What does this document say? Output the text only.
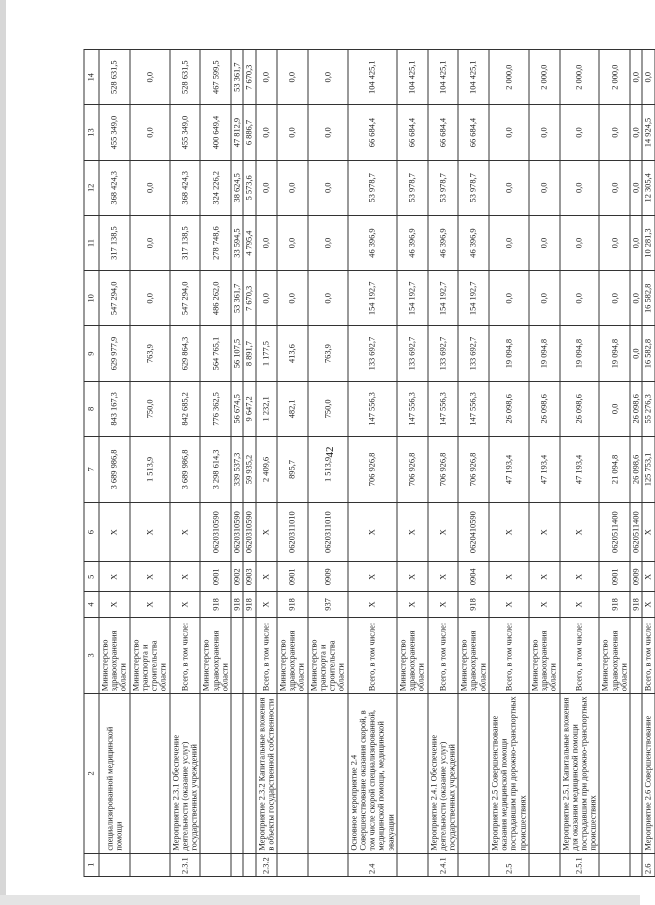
42
1	2	3	4	5	6	7	8	9	10	11	12	13	14
	специализированной медицинской помощи	Министерство здравоохранения области	Х	Х	Х	3 689 986,8	843 167,3	629 977,9	547 294,0	317 138,5	368 424,3	455 349,0	528 631,5
		Министерство транспорта и строительства области	Х	Х	Х	1 513,9	750,0	763,9	0,0	0,0	0,0	0,0	0,0
2.3.1	Мероприятие 2.3.1 Обеспечение деятельности (оказание услуг) государственных учреждений	Всего, в том числе:	Х	Х	Х	3 689 986,8	842 685,2	629 864,3	547 294,0	317 138,5	368 424,3	455 349,0	528 631,5
		Министерство здравоохранения области	918	0901	0620310590	3 298 614,3	776 362,5	564 765,1	486 262,0	278 748,6	324 226,2	400 649,4	467 599,5
			918	0902	0620310590	339 537,3	56 674,5	56 107,5	53 361,7	33 594,5	38 624,5	47 812,9	53 361,7
			918	0903	0620310590	59 935,2	9 647,2	8 891,7	7 670,3	4 795,4	5 573,6	6 886,7	7 670,3
2.3.2	Мероприятие 2.3.2 Капитальные вложения в объекты государственной собственности	Всего, в том числе:	Х	Х	Х	2 409,6	1 232,1	1 177,5	0,0	0,0	0,0	0,0	0,0
		Министерство здравоохранения области	918	0901	0620311010	895,7	482,1	413,6	0,0	0,0	0,0	0,0	0,0
		Министерство транспорта и строительства области	937	0909	0620311010	1 513,9	750,0	763,9	0,0	0,0	0,0	0,0	0,0
2.4	Основное мероприятие 2.4 Совершенствование оказания скорой, в том числе скорой специализированной, медицинской помощи, медицинской эвакуации	Всего, в том числе:	Х	Х	Х	706 926,8	147 556,3	133 692,7	154 192,7	46 396,9	53 978,7	66 684,4	104 425,1
		Министерство здравоохранения области	Х	Х	Х	706 926,8	147 556,3	133 692,7	154 192,7	46 396,9	53 978,7	66 684,4	104 425,1
2.4.1	Мероприятие 2.4.1 Обеспечение деятельности (оказание услуг) государственных учреждений	Всего, в том числе:	Х	Х	Х	706 926,8	147 556,3	133 692,7	154 192,7	46 396,9	53 978,7	66 684,4	104 425,1
		Министерство здравоохранения области	918	0904	0620410590	706 926,8	147 556,3	133 692,7	154 192,7	46 396,9	53 978,7	66 684,4	104 425,1
2.5	Мероприятие 2.5 Совершенствование оказания медицинской помощи пострадавшим при дорожно-транспортных происшествиях	Всего, в том числе:	Х	Х	Х	47 193,4	26 098,6	19 094,8	0,0	0,0	0,0	0,0	2 000,0
		Министерство здравоохранения области	Х	Х	Х	47 193,4	26 098,6	19 094,8	0,0	0,0	0,0	0,0	2 000,0
2.5.1	Мероприятие 2.5.1 Капитальные вложения для оказания медицинской помощи пострадавшим при дорожно-транспортных происшествиях	Всего, в том числе:	Х	Х	Х	47 193,4	26 098,6	19 094,8	0,0	0,0	0,0	0,0	2 000,0
		Министерство здравоохранения области	918	0901	0620511400	21 094,8	0,0	19 094,8	0,0	0,0	0,0	0,0	2 000,0
			918	0909	0620511400	26 098,6	26 098,6	0,0	0,0	0,0	0,0	0,0	0,0
2.6	Мероприятие 2.6 Совершенствование	Всего, в том числе:	Х	Х	Х	125 753,1	55 276,3	16 582,8	16 582,8	10 281,3	12 305,4	14 924,5	0,0
